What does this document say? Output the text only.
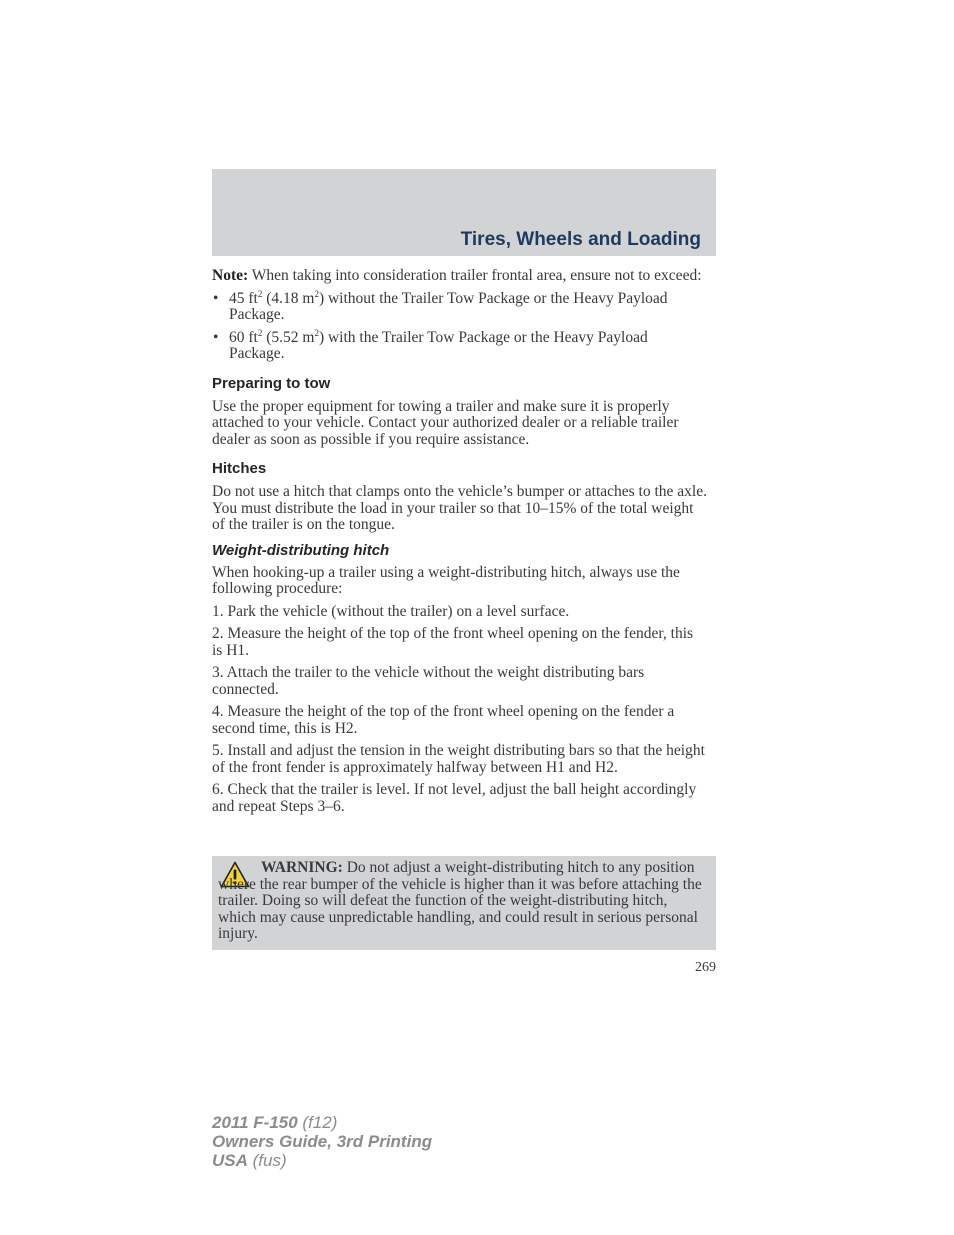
Tires, Wheels and Loading

Note: When taking into consideration trailer frontal area, ensure not to exceed:

• 45 $ft^2$ (4.18 $m^2$) without the Trailer Tow Package or the Heavy Payload Package.
• 60 $ft^2$ (5.52 $m^2$) with the Trailer Tow Package or the Heavy Payload Package.
Preparing to tow

Use the proper equipment for towing a trailer and make sure it is properly attached to your vehicle. Contact your authorized dealer or a reliable trailer dealer as soon as possible if you require assistance.

Hitches

Do not use a hitch that clamps onto the vehicle’s bumper or attaches to the axle. You must distribute the load in your trailer so that 10–15% of the total weight of the trailer is on the tongue.

Weight-distributing hitch

When hooking-up a trailer using a weight-distributing hitch, always use the following procedure:

1. Park the vehicle (without the trailer) on a level surface.

2. Measure the height of the top of the front wheel opening on the fender, this is H1.

3. Attach the trailer to the vehicle without the weight distributing bars connected.

4. Measure the height of the top of the front wheel opening on the fender a second time, this is H2.

5. Install and adjust the tension in the weight distributing bars so that the height of the front fender is approximately halfway between H1 and H2.

6. Check that the trailer is level. If not level, adjust the ball height accordingly and repeat Steps 3–6.

WARNING: Do not adjust a weight-distributing hitch to any position where the rear bumper of the vehicle is higher than it was before attaching the trailer. Doing so will defeat the function of the weight-distributing hitch, which may cause unpredictable handling, and could result in serious personal injury.

269
2011 F-150 (f12)
Owners Guide, 3rd Printing
USA (fus)
